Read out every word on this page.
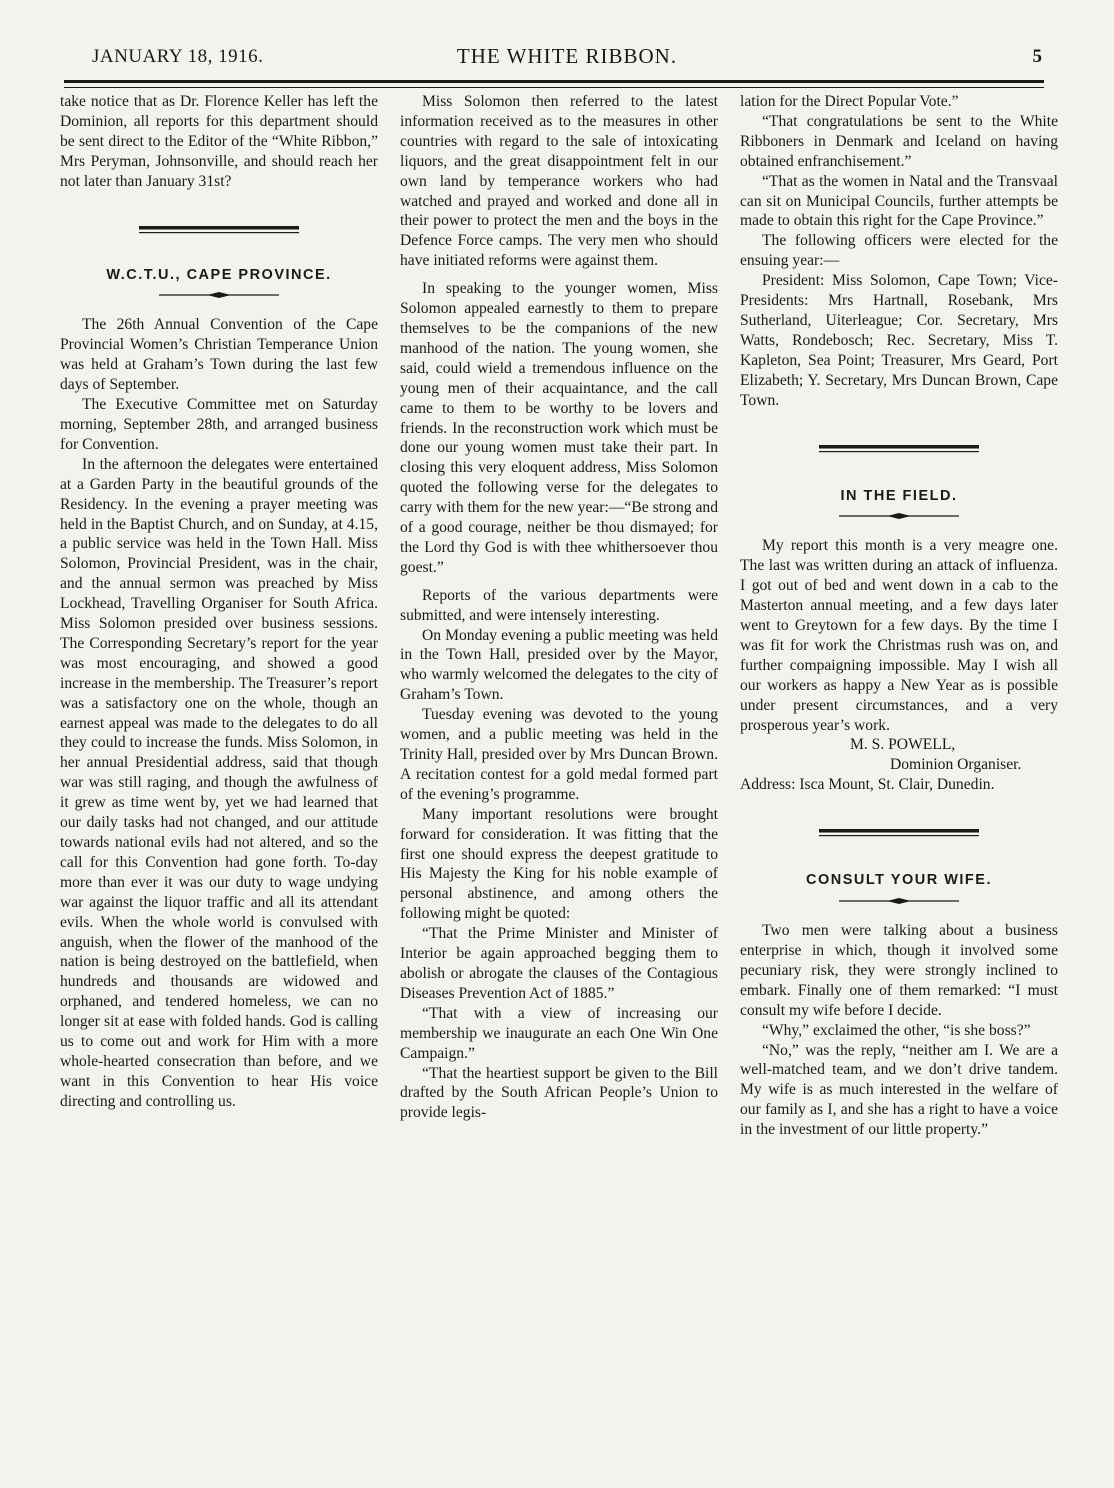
JANUARY 18, 1916.	THE WHITE RIBBON.	5

take notice that as Dr. Florence Keller has left the Dominion, all reports for this department should be sent direct to the Editor of the “White Ribbon,” Mrs Peryman, Johnsonville, and should reach her not later than January 31st?

W.C.T.U., CAPE PROVINCE.

The 26th Annual Convention of the Cape Provincial Women’s Christian Temperance Union was held at Graham’s Town during the last few days of September.

The Executive Committee met on Saturday morning, September 28th, and arranged business for Convention.

In the afternoon the delegates were entertained at a Garden Party in the beautiful grounds of the Residency. In the evening a prayer meeting was held in the Baptist Church, and on Sunday, at 4.15, a public service was held in the Town Hall. Miss Solomon, Provincial President, was in the chair, and the annual sermon was preached by Miss Lockhead, Travelling Organiser for South Africa. Miss Solomon presided over business sessions. The Corresponding Secretary’s report for the year was most encouraging, and showed a good increase in the membership. The Treasurer’s report was a satisfactory one on the whole, though an earnest appeal was made to the delegates to do all they could to increase the funds. Miss Solomon, in her annual Presidential address, said that though war was still raging, and though the awfulness of it grew as time went by, yet we had learned that our daily tasks had not changed, and our attitude towards national evils had not altered, and so the call for this Convention had gone forth. To-day more than ever it was our duty to wage undying war against the liquor traffic and all its attendant evils. When the whole world is convulsed with anguish, when the flower of the manhood of the nation is being destroyed on the battlefield, when hundreds and thousands are widowed and orphaned, and tendered homeless, we can no longer sit at ease with folded hands. God is calling us to come out and work for Him with a more whole-hearted consecration than before, and we want in this Convention to hear His voice directing and controlling us.

Miss Solomon then referred to the latest information received as to the measures in other countries with regard to the sale of intoxicating liquors, and the great disappointment felt in our own land by temperance workers who had watched and prayed and worked and done all in their power to protect the men and the boys in the Defence Force camps. The very men who should have initiated reforms were against them.

In speaking to the younger women, Miss Solomon appealed earnestly to them to prepare themselves to be the companions of the new manhood of the nation. The young women, she said, could wield a tremendous influence on the young men of their acquaintance, and the call came to them to be worthy to be lovers and friends. In the reconstruction work which must be done our young women must take their part. In closing this very eloquent address, Miss Solomon quoted the following verse for the delegates to carry with them for the new year:—“Be strong and of a good courage, neither be thou dismayed; for the Lord thy God is with thee whithersoever thou goest.”

Reports of the various departments were submitted, and were intensely interesting.

On Monday evening a public meeting was held in the Town Hall, presided over by the Mayor, who warmly welcomed the delegates to the city of Graham’s Town.

Tuesday evening was devoted to the young women, and a public meeting was held in the Trinity Hall, presided over by Mrs Duncan Brown. A recitation contest for a gold medal formed part of the evening’s programme.

Many important resolutions were brought forward for consideration. It was fitting that the first one should express the deepest gratitude to His Majesty the King for his noble example of personal abstinence, and among others the following might be quoted:

“That the Prime Minister and Minister of Interior be again approached begging them to abolish or abrogate the clauses of the Contagious Diseases Prevention Act of 1885.”

“That with a view of increasing our membership we inaugurate an each One Win One Campaign.”

“That the heartiest support be given to the Bill drafted by the South African People’s Union to provide legis-

lation for the Direct Popular Vote.”

“That congratulations be sent to the White Ribboners in Denmark and Iceland on having obtained enfranchisement.”

“That as the women in Natal and the Transvaal can sit on Municipal Councils, further attempts be made to obtain this right for the Cape Province.”

The following officers were elected for the ensuing year:—

President: Miss Solomon, Cape Town; Vice-Presidents: Mrs Hartnall, Rosebank, Mrs Sutherland, Uiterleague; Cor. Secretary, Mrs Watts, Rondebosch; Rec. Secretary, Miss T. Kapleton, Sea Point; Treasurer, Mrs Geard, Port Elizabeth; Y. Secretary, Mrs Duncan Brown, Cape Town.

IN THE FIELD.

My report this month is a very meagre one. The last was written during an attack of influenza. I got out of bed and went down in a cab to the Masterton annual meeting, and a few days later went to Greytown for a few days. By the time I was fit for work the Christmas rush was on, and further compaigning impossible. May I wish all our workers as happy a New Year as is possible under present circumstances, and a very prosperous year’s work.

M. S. POWELL,

Dominion Organiser.

Address: Isca Mount, St. Clair, Dunedin.

CONSULT YOUR WIFE.

Two men were talking about a business enterprise in which, though it involved some pecuniary risk, they were strongly inclined to embark. Finally one of them remarked: “I must consult my wife before I decide.

“Why,” exclaimed the other, “is she boss?”

“No,” was the reply, “neither am I. We are a well-matched team, and we don’t drive tandem. My wife is as much interested in the welfare of our family as I, and she has a right to have a voice in the investment of our little property.”
